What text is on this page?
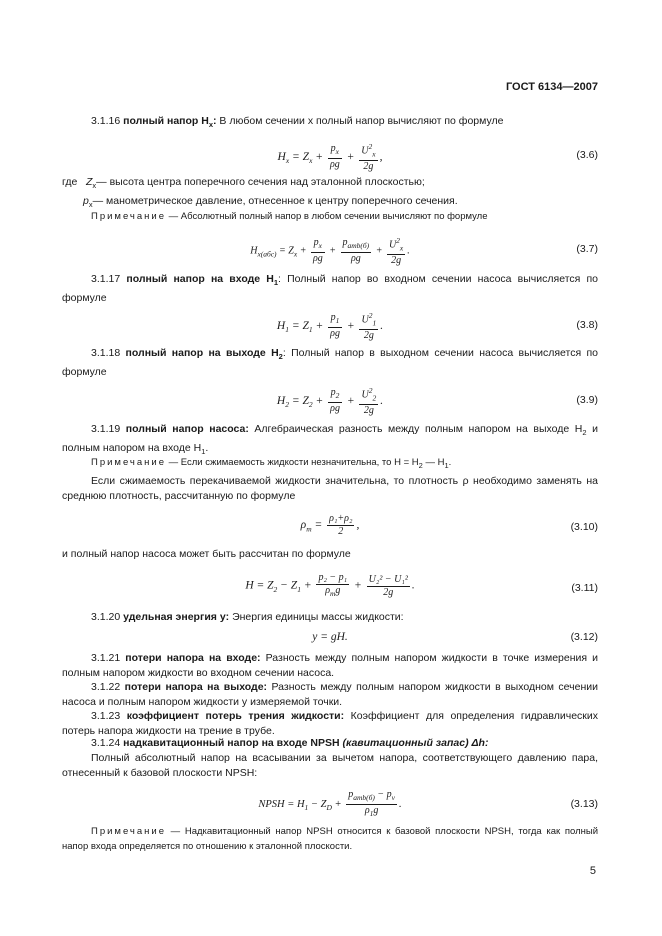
ГОСТ 6134—2007
3.1.16 полный напор $H_x$: В любом сечении x полный напор вычисляют по формуле
$H_x = Z_x + \frac{p_x}{\rho g} + \frac{U^2_x}{2g}$ ,	(3.6)
где $Z_x$ — высота центра поперечного сечения над эталонной плоскостью;
$p_x$ — манометрическое давление, отнесенное к центру поперечного сечения.
Примечание — Абсолютный полный напор в любом сечении вычисляют по формуле
$H_{x(абс)} = Z_x + \frac{p_x}{\rho g} + \frac{p_{amb(б)}}{\rho g} + \frac{U^2_x}{2g}$ .	(3.7)
3.1.17 полный напор на входе $H_1$: Полный напор во входном сечении насоса вычисляется по формуле
$H_1 = Z_1 + \frac{p_1}{\rho g} + \frac{U^2_1}{2g}$ .	(3.8)
3.1.18 полный напор на выходе $H_2$: Полный напор в выходном сечении насоса вычисляется по формуле
$H_2 = Z_2 + \frac{p_2}{\rho g} + \frac{U^2_2}{2g}$ .	(3.9)
3.1.19 полный напор насоса: Алгебраическая разность между полным напором на выходе $H_2$ и полным напором на входе $H_1$.
Примечание — Если сжимаемость жидкости незначительна, то $H = H_2$ — $H_1$.
Если сжимаемость перекачиваемой жидкости значительна, то плотность ρ необходимо заменять на среднюю плотность, рассчитанную по формуле
$\rho_m = \frac{\text{ρ₁+ρ₂}}{2}$ ,	(3.10)
и полный напор насоса может быть рассчитан по формуле
$H = Z_2 - Z_1 + \frac{\text{p₂ − p₁}}{\rho_mg} + \frac{\text{U₂² − U₁²}}{2g}$ .	(3.11)
3.1.20 удельная энергия y: Энергия единицы массы жидкости:
y = gH.	(3.12)
3.1.21 потери напора на входе: Разность между полным напором жидкости в точке измерения и полным напором жидкости во входном сечении насоса.
3.1.22 потери напора на выходе: Разность между полным напором жидкости в выходном сечении насоса и полным напором жидкости у измеряемой точки.
3.1.23 коэффициент потерь трения жидкости: Коэффициент для определения гидравлических потерь напора жидкости на трение в трубе.
3.1.24 надкавитационный напор на входе NPSH (кавитационный запас) Δh:
Полный абсолютный напор на всасывании за вычетом напора, соответствующего давлению пара, отнесенный к базовой плоскости NPSH:
NPSH = $H_1 - Z_D + \frac{p_{amb(б)} - p_v}{\rho_1g}$ .	(3.13)
Примечание — Надкавитационный напор NPSH относится к базовой плоскости NPSH, тогда как полный напор входа определяется по отношению к эталонной плоскости.
5
